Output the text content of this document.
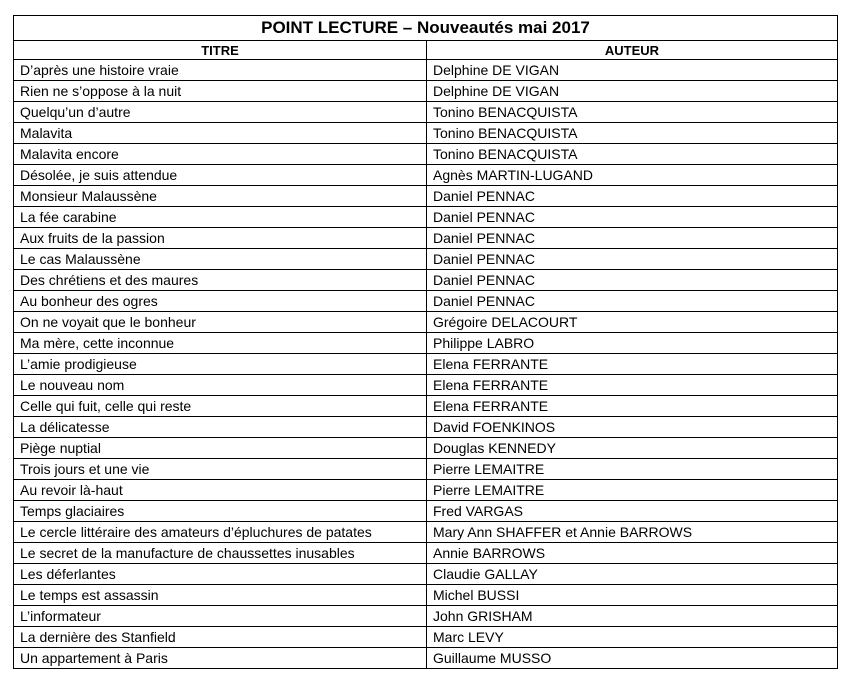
POINT LECTURE – Nouveautés mai 2017	
TITRE	AUTEUR
D’après une histoire vraie	Delphine DE VIGAN
Rien ne s’oppose à la nuit	Delphine DE VIGAN
Quelqu’un d’autre	Tonino BENACQUISTA
Malavita	Tonino BENACQUISTA
Malavita encore	Tonino BENACQUISTA
Désolée, je suis attendue	Agnès MARTIN-LUGAND
Monsieur Malaussène	Daniel PENNAC
La fée carabine	Daniel PENNAC
Aux fruits de la passion	Daniel PENNAC
Le cas Malaussène	Daniel PENNAC
Des chrétiens et des maures	Daniel PENNAC
Au bonheur des ogres	Daniel PENNAC
On ne voyait que le bonheur	Grégoire DELACOURT
Ma mère, cette inconnue	Philippe LABRO
L’amie prodigieuse	Elena FERRANTE
Le nouveau nom	Elena FERRANTE
Celle qui fuit, celle qui reste	Elena FERRANTE
La délicatesse	David FOENKINOS
Piège nuptial	Douglas KENNEDY
Trois jours et une vie	Pierre LEMAITRE
Au revoir là-haut	Pierre LEMAITRE
Temps glaciaires	Fred VARGAS
Le cercle littéraire des amateurs d’épluchures de patates	Mary Ann SHAFFER et Annie BARROWS
Le secret de la manufacture de chaussettes inusables	Annie BARROWS
Les déferlantes	Claudie GALLAY
Le temps est assassin	Michel BUSSI
L’informateur	John GRISHAM
La dernière des Stanfield	Marc LEVY
Un appartement à Paris	Guillaume MUSSO
